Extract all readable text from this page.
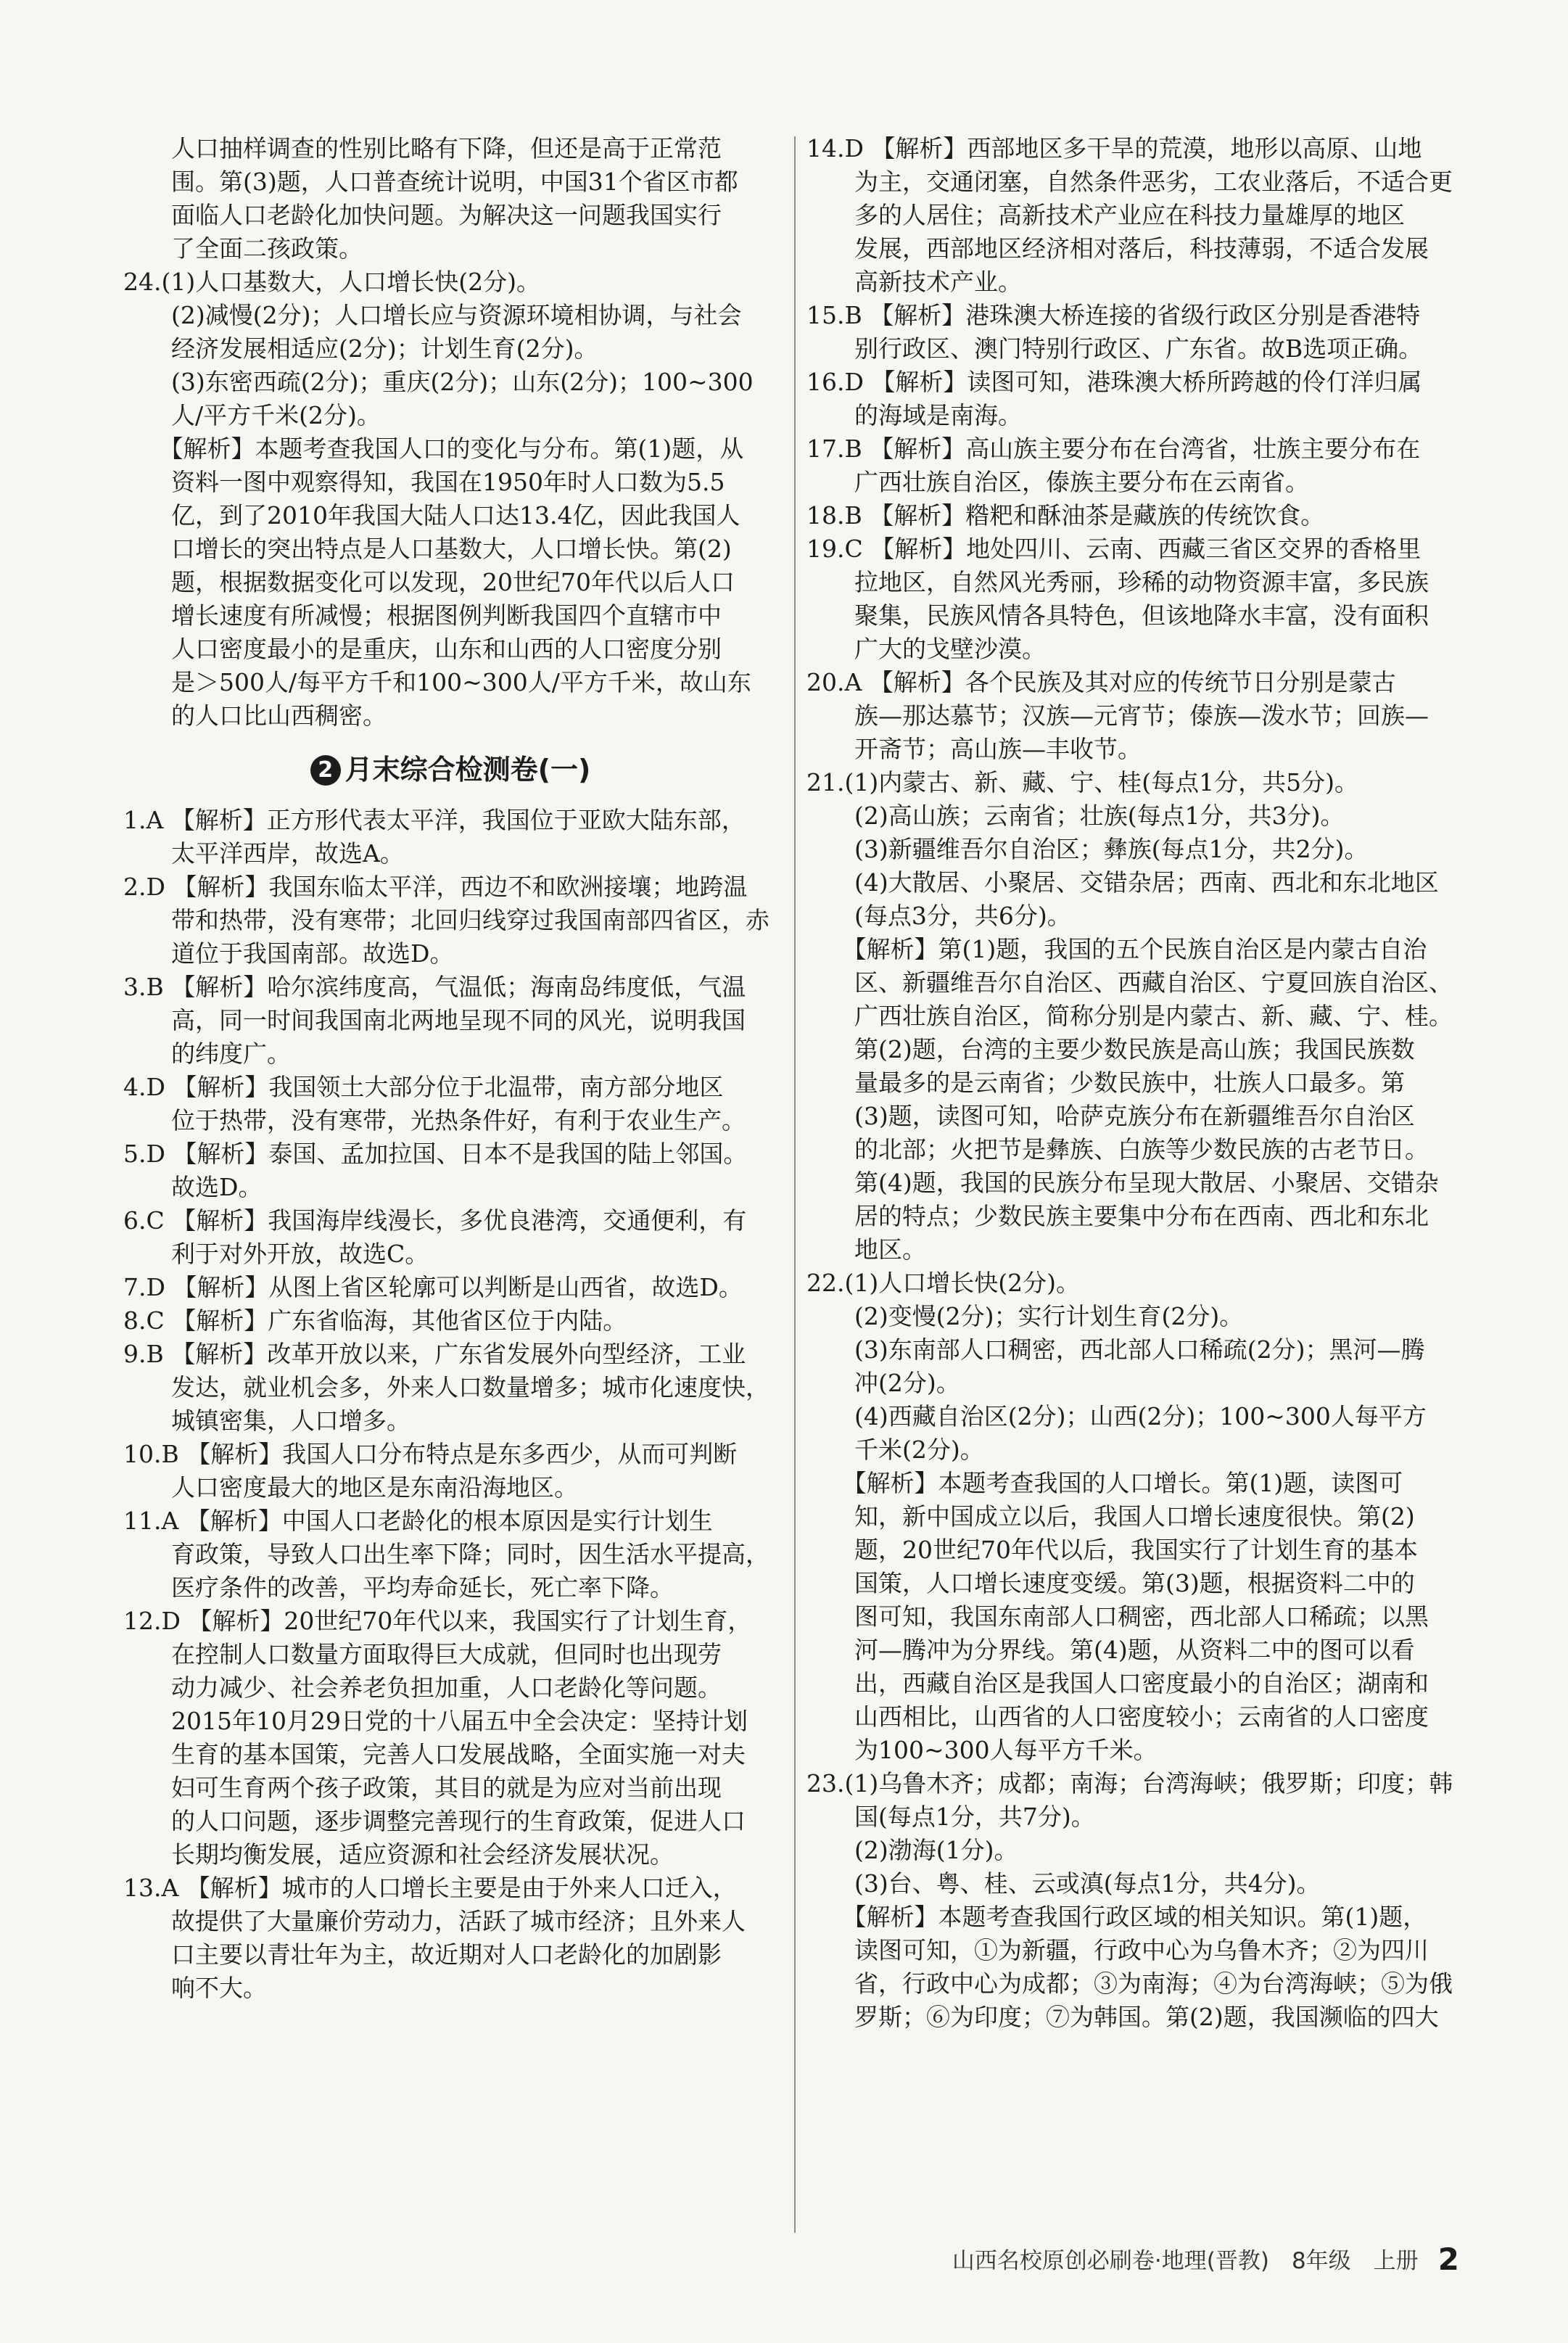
　　人口抽样调查的性别比略有下降，但还是高于正常范
　　围。第(3)题，人口普查统计说明，中国31个省区市都
　　面临人口老龄化加快问题。为解决这一问题我国实行
　　了全面二孩政策。
24.(1)人口基数大，人口增长快(2分)。
　　(2)减慢(2分)；人口增长应与资源环境相协调，与社会
　　经济发展相适应(2分)；计划生育(2分)。
　　(3)东密西疏(2分)；重庆(2分)；山东(2分)；100~300
　　人/平方千米(2分)。
　　【解析】本题考查我国人口的变化与分布。第(1)题，从
　　资料一图中观察得知，我国在1950年时人口数为5.5
　　亿，到了2010年我国大陆人口达13.4亿，因此我国人
　　口增长的突出特点是人口基数大，人口增长快。第(2)
　　题，根据数据变化可以发现，20世纪70年代以后人口
　　增长速度有所减慢；根据图例判断我国四个直辖市中
　　人口密度最小的是重庆，山东和山西的人口密度分别
　　是＞500人/每平方千和100~300人/平方千米，故山东
　　的人口比山西稠密。
2 月末综合检测卷(一)
1.A 【解析】正方形代表太平洋，我国位于亚欧大陆东部，
　　太平洋西岸，故选A。
2.D 【解析】我国东临太平洋，西边不和欧洲接壤；地跨温
　　带和热带，没有寒带；北回归线穿过我国南部四省区，赤
　　道位于我国南部。故选D。
3.B 【解析】哈尔滨纬度高，气温低；海南岛纬度低，气温
　　高，同一时间我国南北两地呈现不同的风光，说明我国
　　的纬度广。
4.D 【解析】我国领土大部分位于北温带，南方部分地区
　　位于热带，没有寒带，光热条件好，有利于农业生产。
5.D 【解析】泰国、孟加拉国、日本不是我国的陆上邻国。
　　故选D。
6.C 【解析】我国海岸线漫长，多优良港湾，交通便利，有
　　利于对外开放，故选C。
7.D 【解析】从图上省区轮廓可以判断是山西省，故选D。
8.C 【解析】广东省临海，其他省区位于内陆。
9.B 【解析】改革开放以来，广东省发展外向型经济，工业
　　发达，就业机会多，外来人口数量增多；城市化速度快，
　　城镇密集，人口增多。
10.B 【解析】我国人口分布特点是东多西少，从而可判断
　　人口密度最大的地区是东南沿海地区。
11.A 【解析】中国人口老龄化的根本原因是实行计划生
　　育政策，导致人口出生率下降；同时，因生活水平提高，
　　医疗条件的改善，平均寿命延长，死亡率下降。
12.D 【解析】20世纪70年代以来，我国实行了计划生育，
　　在控制人口数量方面取得巨大成就，但同时也出现劳
　　动力减少、社会养老负担加重，人口老龄化等问题。
　　2015年10月29日党的十八届五中全会决定：坚持计划
　　生育的基本国策，完善人口发展战略，全面实施一对夫
　　妇可生育两个孩子政策，其目的就是为应对当前出现
　　的人口问题，逐步调整完善现行的生育政策，促进人口
　　长期均衡发展，适应资源和社会经济发展状况。
13.A 【解析】城市的人口增长主要是由于外来人口迁入，
　　故提供了大量廉价劳动力，活跃了城市经济；且外来人
　　口主要以青壮年为主，故近期对人口老龄化的加剧影
　　响不大。
14.D 【解析】西部地区多干旱的荒漠，地形以高原、山地
　　为主，交通闭塞，自然条件恶劣，工农业落后，不适合更
　　多的人居住；高新技术产业应在科技力量雄厚的地区
　　发展，西部地区经济相对落后，科技薄弱，不适合发展
　　高新技术产业。
15.B 【解析】港珠澳大桥连接的省级行政区分别是香港特
　　别行政区、澳门特别行政区、广东省。故B选项正确。
16.D 【解析】读图可知，港珠澳大桥所跨越的伶仃洋归属
　　的海域是南海。
17.B 【解析】高山族主要分布在台湾省，壮族主要分布在
　　广西壮族自治区，傣族主要分布在云南省。
18.B 【解析】糌粑和酥油茶是藏族的传统饮食。
19.C 【解析】地处四川、云南、西藏三省区交界的香格里
　　拉地区，自然风光秀丽，珍稀的动物资源丰富，多民族
　　聚集，民族风情各具特色，但该地降水丰富，没有面积
　　广大的戈壁沙漠。
20.A 【解析】各个民族及其对应的传统节日分别是蒙古
　　族—那达慕节；汉族—元宵节；傣族—泼水节；回族—
　　开斋节；高山族—丰收节。
21.(1)内蒙古、新、藏、宁、桂(每点1分，共5分)。
　　(2)高山族；云南省；壮族(每点1分，共3分)。
　　(3)新疆维吾尔自治区；彝族(每点1分，共2分)。
　　(4)大散居、小聚居、交错杂居；西南、西北和东北地区
　　(每点3分，共6分)。
　　【解析】第(1)题，我国的五个民族自治区是内蒙古自治
　　区、新疆维吾尔自治区、西藏自治区、宁夏回族自治区、
　　广西壮族自治区，简称分别是内蒙古、新、藏、宁、桂。
　　第(2)题，台湾的主要少数民族是高山族；我国民族数
　　量最多的是云南省；少数民族中，壮族人口最多。第
　　(3)题，读图可知，哈萨克族分布在新疆维吾尔自治区
　　的北部；火把节是彝族、白族等少数民族的古老节日。
　　第(4)题，我国的民族分布呈现大散居、小聚居、交错杂
　　居的特点；少数民族主要集中分布在西南、西北和东北
　　地区。
22.(1)人口增长快(2分)。
　　(2)变慢(2分)；实行计划生育(2分)。
　　(3)东南部人口稠密，西北部人口稀疏(2分)；黑河—腾
　　冲(2分)。
　　(4)西藏自治区(2分)；山西(2分)；100~300人每平方
　　千米(2分)。
　　【解析】本题考查我国的人口增长。第(1)题，读图可
　　知，新中国成立以后，我国人口增长速度很快。第(2)
　　题，20世纪70年代以后，我国实行了计划生育的基本
　　国策，人口增长速度变缓。第(3)题，根据资料二中的
　　图可知，我国东南部人口稠密，西北部人口稀疏；以黑
　　河—腾冲为分界线。第(4)题，从资料二中的图可以看
　　出，西藏自治区是我国人口密度最小的自治区；湖南和
　　山西相比，山西省的人口密度较小；云南省的人口密度
　　为100~300人每平方千米。
23.(1)乌鲁木齐；成都；南海；台湾海峡；俄罗斯；印度；韩
　　国(每点1分，共7分)。
　　(2)渤海(1分)。
　　(3)台、粤、桂、云或滇(每点1分，共4分)。
　　【解析】本题考查我国行政区域的相关知识。第(1)题，
　　读图可知，①为新疆，行政中心为乌鲁木齐；②为四川
　　省，行政中心为成都；③为南海；④为台湾海峡；⑤为俄
　　罗斯；⑥为印度；⑦为韩国。第(2)题，我国濒临的四大
山西名校原创必刷卷·地理(晋教)　8年级　上册 2
